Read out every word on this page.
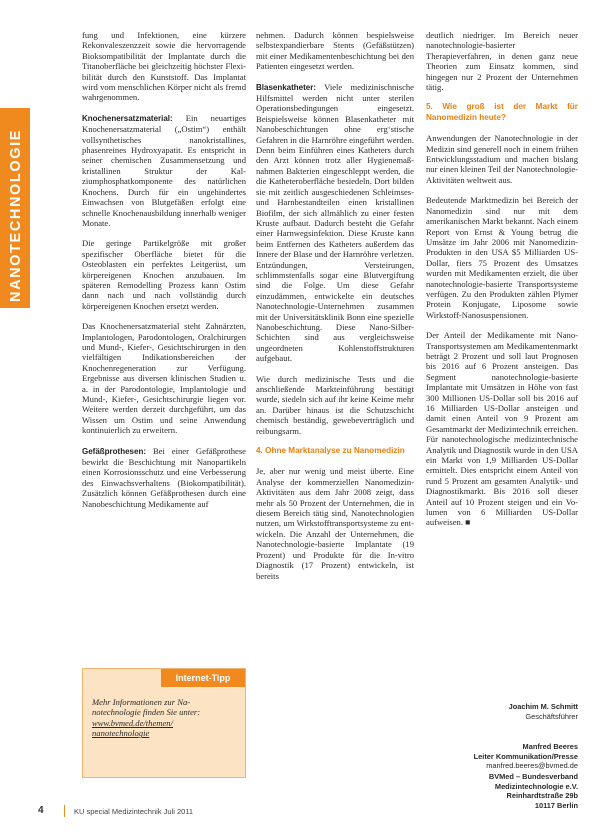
NANOTECHNOLOGIE

fung und Infektionen, eine kürzere Rekonvaleszenzzeit sowie die hervorragende Bioksompatibilität der Implantate durch die Titanoberfläche bei gleichzeitig höchster Flexibilität durch den Kunststoff. Das Implantat wird vom menschlichen Körper nicht als fremd wahrgenommen.

Knochenersatzmaterial: Ein neuartiges Knochenersatzmaterial („Ostim“) enthält vollsynthetisches nanokristallines, phasenreines Hydroxyapatit. Es entspricht in seiner chemischen Zusammensetzung und kristallinen Struktur der Kalziumphosphatkomponente des natürlichen Knochens. Durch für ein ungehindertes Einwachsen von Blutgefäßen erfolgt eine schnelle Knochenausbildung innerhalb weniger Monate.

Die geringe Partikelgröße mit großer spezifischer Oberfläche bietet für die Osteoblasten ein perfektes Leitgerüst, um körpereigenen Knochen anzubauen. Im späteren Remodelling Prozess kann Ostim dann nach und nach vollständig durch körpereigenen Knochen ersetzt werden.

Das Knochenersatzmaterial steht Zahnärzten, Implantologen, Parodontologen, Oralchirurgen und Mund-, Kiefer-, Gesichtschirurgen in den vielfältigen Indikationsbereichen der Knochenregeneration zur Verfügung. Ergebnisse aus diversen klinischen Studien u. a. in der Parodontologie, Implantologie und Mund-, Kiefer-, Gesichtschirurgie liegen vor. Weitere werden derzeit durchgeführt, um das Wissen um Ostim und seine Anwendung kontinuierlich zu erweitern.

Gefäßprothesen: Bei einer Gefäßprothese bewirkt die Beschichtung mit Nanopartikeln einen Korrosionsschutz und eine Verbesserung des Einwachsverhaltens (Biokompatibilität). Zusätzlich können Gefäßprothesen durch eine Nanobeschichtung Medikamente auf

nehmen. Dadurch können bespielsweise selbstexpandierbare Stents (Gefäßstützen) mit einer Medikamentenbeschichtung bei den Patienten eingesetzt werden.

Blasenkatheter: Viele medizinischnische Hilfsmittel werden nicht unter sterilen Operationsbedingungen eingesetzt. Beispielsweise können Blasenkatheter mit Nanobeschichtungen ohne erg‘stische Gefahren in die Harnröhre eingeführt werden. Denn beim Einführen eines Katheters durch den Arzt können trotz aller Hygienemaßnahmen Bakterien eingeschleppt werden, die die Katheteroberfläche besiedeln. Dort bilden sie mit zeitlich ausgeschiedenen Schleimses- und Harnbestandteilen einen kristallinen Biofilm, der sich allmählich zu einer festen Kruste aufbaut. Dadurch besteht die Gefahr einer Harnwegsinfektion. Diese Kruste kann beim Entfernen des Katheters außerdem das Innere der Blase und der Harnröhre verletzen. Entzündungen, Versteirungen, schlimmstenfalls sogar eine Blutvergiftung sind die Folge. Um diese Gefahr einzudämmen, entwickelte ein deutsches Nanotechnologie-Unternehmen zusammen mit der Universitätsklinik Bonn eine spezielle Nanobeschichtung. Diese Nano-Silber-Schichten sind aus vergleichsweise ungeordneten Kohlenstoffstrukturen aufgebaut.

Wie durch medizinische Tests und die anschließende Markteinführung bestätigt wurde, siedeln sich auf ihr keine Keime mehr an. Darüber hinaus ist die Schutzschicht chemisch beständig, gewebeverträglich und reibungsarm.

4. Ohne Marktanalyse zu Nanomedizin

Je, aber nur wenig und meist überte. Eine Analyse der kommerziellen Nanomedizin-Aktivitäten aus dem Jahr 2008 zeigt, dass mehr als 50 Prozent der Unternehmen, die in diesem Bereich tätig sind, Nanotechnologien nutzen, um Wirkstofftransportsysteme zu entwickeln. Die Anzahl der Unternehmen, die Nanotechnologie-basierte Implantate (19 Prozent) und Produkte für die In-vitro Diagnostik (17 Prozent) entwickeln, ist bereits

deutlich niedriger. Im Bereich neuer nanotechnologie-basierter Therapieverfahren, in denen ganz neue Theorien zum Einsatz kommen, sind hingegen nur 2 Prozent der Unternehmen tätig.

5. Wie groß ist der Markt für Nanomedizin heute?

Anwendungen der Nanotechnologie in der Medizin sind generell noch in einem frühen Entwicklungsstadium und machen bislang nur einen kleinen Teil der Nanotechnologie-Aktivitäten weltweit aus.

Bedeutende Marktmedizin bei Bereich der Nanomedizin sind nur mit dem amerikanischen Markt bekannt. Nach einem Report von Ernst & Young betrug die Umsätze im Jahr 2006 mit Nanomedizin-Produkten in den USA $5 Milliarden US-Dollar, fiers 75 Prozent des Umsatzes wurden mit Medikamenten erzielt, die über nanotechnologie-basierte Transportsysteme verfügen. Zu den Produkten zählen Plymer Protein Konjugate, Liposome sowie Wirkstoff-Nanosuspensionen.

Der Anteil der Medikamente mit Nano-Transportsystemen am Medikamentenmarkt beträgt 2 Prozent und soll laut Prognosen bis 2016 auf 6 Prozent ansteigen. Das Segment nanotechnologie-basierte Implantate mit Umsätzen in Höhe von fast 300 Millionen US-Dollar soll bis 2016 auf 16 Milliarden US-Dollar ansteigen und damit einen Anteil von 9 Prozent am Gesamtmarkt der Medizintechnik erreichen. Für nanotechnologische medizintechnische Analytik und Diagnostik wurde in den USA ein Markt von 1,9 Milliarden US-Dollar ermittelt. Dies entspricht einem Anteil von rund 5 Prozent am gesamten Analytik- und Diagnostikmarkt. Bis 2016 soll dieser Anteil auf 10 Prozent steigen und ein Volumen von 6 Milliarden US-Dollar aufweisen. ■

Internet-Tipp
Mehr Informationen zur Na-
notechnologie finden Sie unter:
www.bvmed.de/themen/
nanotechnologie
Joachim M. Schmitt
Geschäftsführer
Manfred Beeres
Leiter Kommunikation/Presse
manfred.beeres@bvmed.de
BVMed – Bundesverband
Medizintechnologie e.V.
Reinhardtstraße 29b
10117 Berlin
4	KU special Medizintechnik Juli 2011
